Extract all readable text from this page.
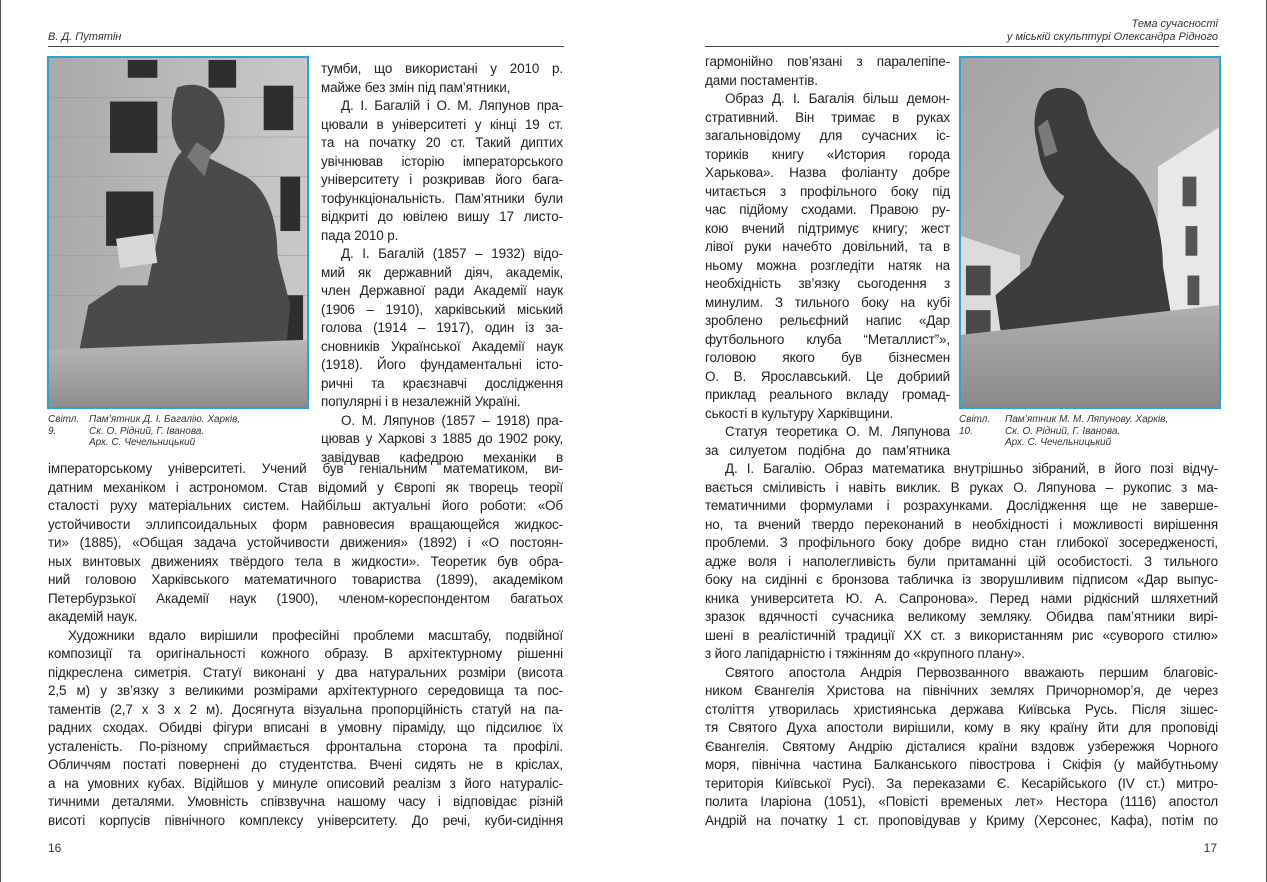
В. Д. Путятін
Світл. 9.
Пам’ятник Д. І. Багалію. Харків,
Ск. О. Рідний, Г. Іванова.
Арх. С. Чечельницький
тумби, що використані у 2010 р.
майже без змін під пам’ятники,
Д. І. Багалій і О. М. Ляпунов пра-
цювали в університеті у кінці 19 ст.
та на початку 20 ст. Такий диптих
увічнював історію імператорського
університету і розкривав його бага-
тофункціональність. Пам’ятники були
відкриті до ювілею вишу 17 листо-
пада 2010 р.
Д. І. Багалій (1857 – 1932) відо-
мий як державний діяч, академік,
член Державної ради Академії наук
(1906 – 1910), харківський міський
голова (1914 – 1917), один із за-
сновників Української Академії наук
(1918). Його фундаментальні істо-
ричні та краєзнавчі дослідження
популярні і в незалежній Україні.
О. М. Ляпунов (1857 – 1918) пра-
цював у Харкові з 1885 до 1902 року,
завідував кафедрою механіки в
імператорському університеті. Учений був геніальним математиком, ви-
датним механіком і астрономом. Став відомий у Європі як творець теорії
сталості руху матеріальних систем. Найбільш актуальні його роботи: «Об
устойчивости эллипсоидальных форм равновесия вращающейся жидкос-
ти» (1885), «Общая задача устойчивости движения» (1892) і «О постоян-
ных винтовых движениях твёрдого тела в жидкости». Теоретик був обра-
ний головою Харківського математичного товариства (1899), академіком
Петербурзької Академії наук (1900), членом-кореспондентом багатьох
академій наук.
Художники вдало вирішили професійні проблеми масштабу, подвійної
композиції та оригінальності кожного образу. В архітектурному рішенні
підкреслена симетрія. Статуї виконані у два натуральних розміри (висота
2,5 м) у зв’язку з великими розмірами архітектурного середовища та пос-
таментів (2,7 х 3 х 2 м). Досягнута візуальна пропорційність статуй на па-
радних сходах. Обидві фігури вписані в умовну піраміду, що підсилює їх
усталеність. По-різному сприймається фронтальна сторона та профілі.
Обличчям постаті повернені до студентства. Вчені сидять не в кріслах,
а на умовних кубах. Відійшов у минуле описовий реалізм з його натураліс-
тичними деталями. Умовність співзвучна нашому часу і відповідає різній
висоті корпусів північного комплексу університету. До речі, куби-сидіння
16
Тема сучасності
у міській скульптурі Олександра Рідного
гармонійно пов’язані з паралепіпе-
дами постаментів.
Образ Д. І. Багалія більш демон-
стративний. Він тримає в руках
загальновідому для сучасних іс-
ториків книгу «История города
Харькова». Назва фоліанту добре
читається з профільного боку під
час підйому сходами. Правою ру-
кою вчений підтримує книгу; жест
лівої руки начебто довільний, та в
ньому можна розгледіти натяк на
необхідність зв’язку сьогодення з
минулим. З тильного боку на кубі
зроблено рельєфний напис «Дар
футбольного клуба “Металлист”»,
головою якого був бізнесмен
О. В. Ярославський. Це добриий
приклад реального вкладу громад-
ськості в культуру Харківщини.
Статуя теоретика О. М. Ляпунова
за силуетом подібна до пам’ятника
Світл. 10.
Пам’ятник М. М. Ляпунову. Харків,
Ск. О. Рідний, Г. Іванова.
Арх. С. Чечельницький
Д. І. Багалію. Образ математика внутрішньо зібраний, в його позі відчу-
вається сміливість і навіть виклик. В руках О. Ляпунова – рукопис з ма-
тематичними формулами і розрахунками. Дослідження ще не заверше-
но, та вчений твердо переконаний в необхідності і можливості вирішення
проблеми. З профільного боку добре видно стан глибокої зосередженості,
адже воля і наполегливість були притаманні цій особистості. З тильного
боку на сидінні є бронзова табличка із зворушливим підписом «Дар выпус-
кника университета Ю. А. Сапронова». Перед нами рідкісний шляхетний
зразок вдячності сучасника великому земляку. Обидва пам’ятники вирі-
шені в реалістичній традиції ХХ ст. з використанням рис «суворого стилю»
з його лапідарністю і тяжінням до «крупного плану».
Святого апостола Андрія Первозванного вважають першим благовіс-
ником Євангелія Христова на північних землях Причорномор’я, де через
століття утворилась християнська держава Київська Русь. Після зішес-
тя Святого Духа апостоли вирішили, кому в яку країну йти для проповіді
Євангелія. Святому Андрію дісталися країни вздовж узбережжя Чорного
моря, північна частина Балканського півострова і Скіфія (у майбутньому
територія Київської Русі). За переказами Є. Кесарійського (IV ст.) митро-
полита Іларіона (1051), «Повісті временых лет» Нестора (1116) апостол
Андрій на початку 1 ст. проповідував у Криму (Херсонес, Кафа), потім по
17
